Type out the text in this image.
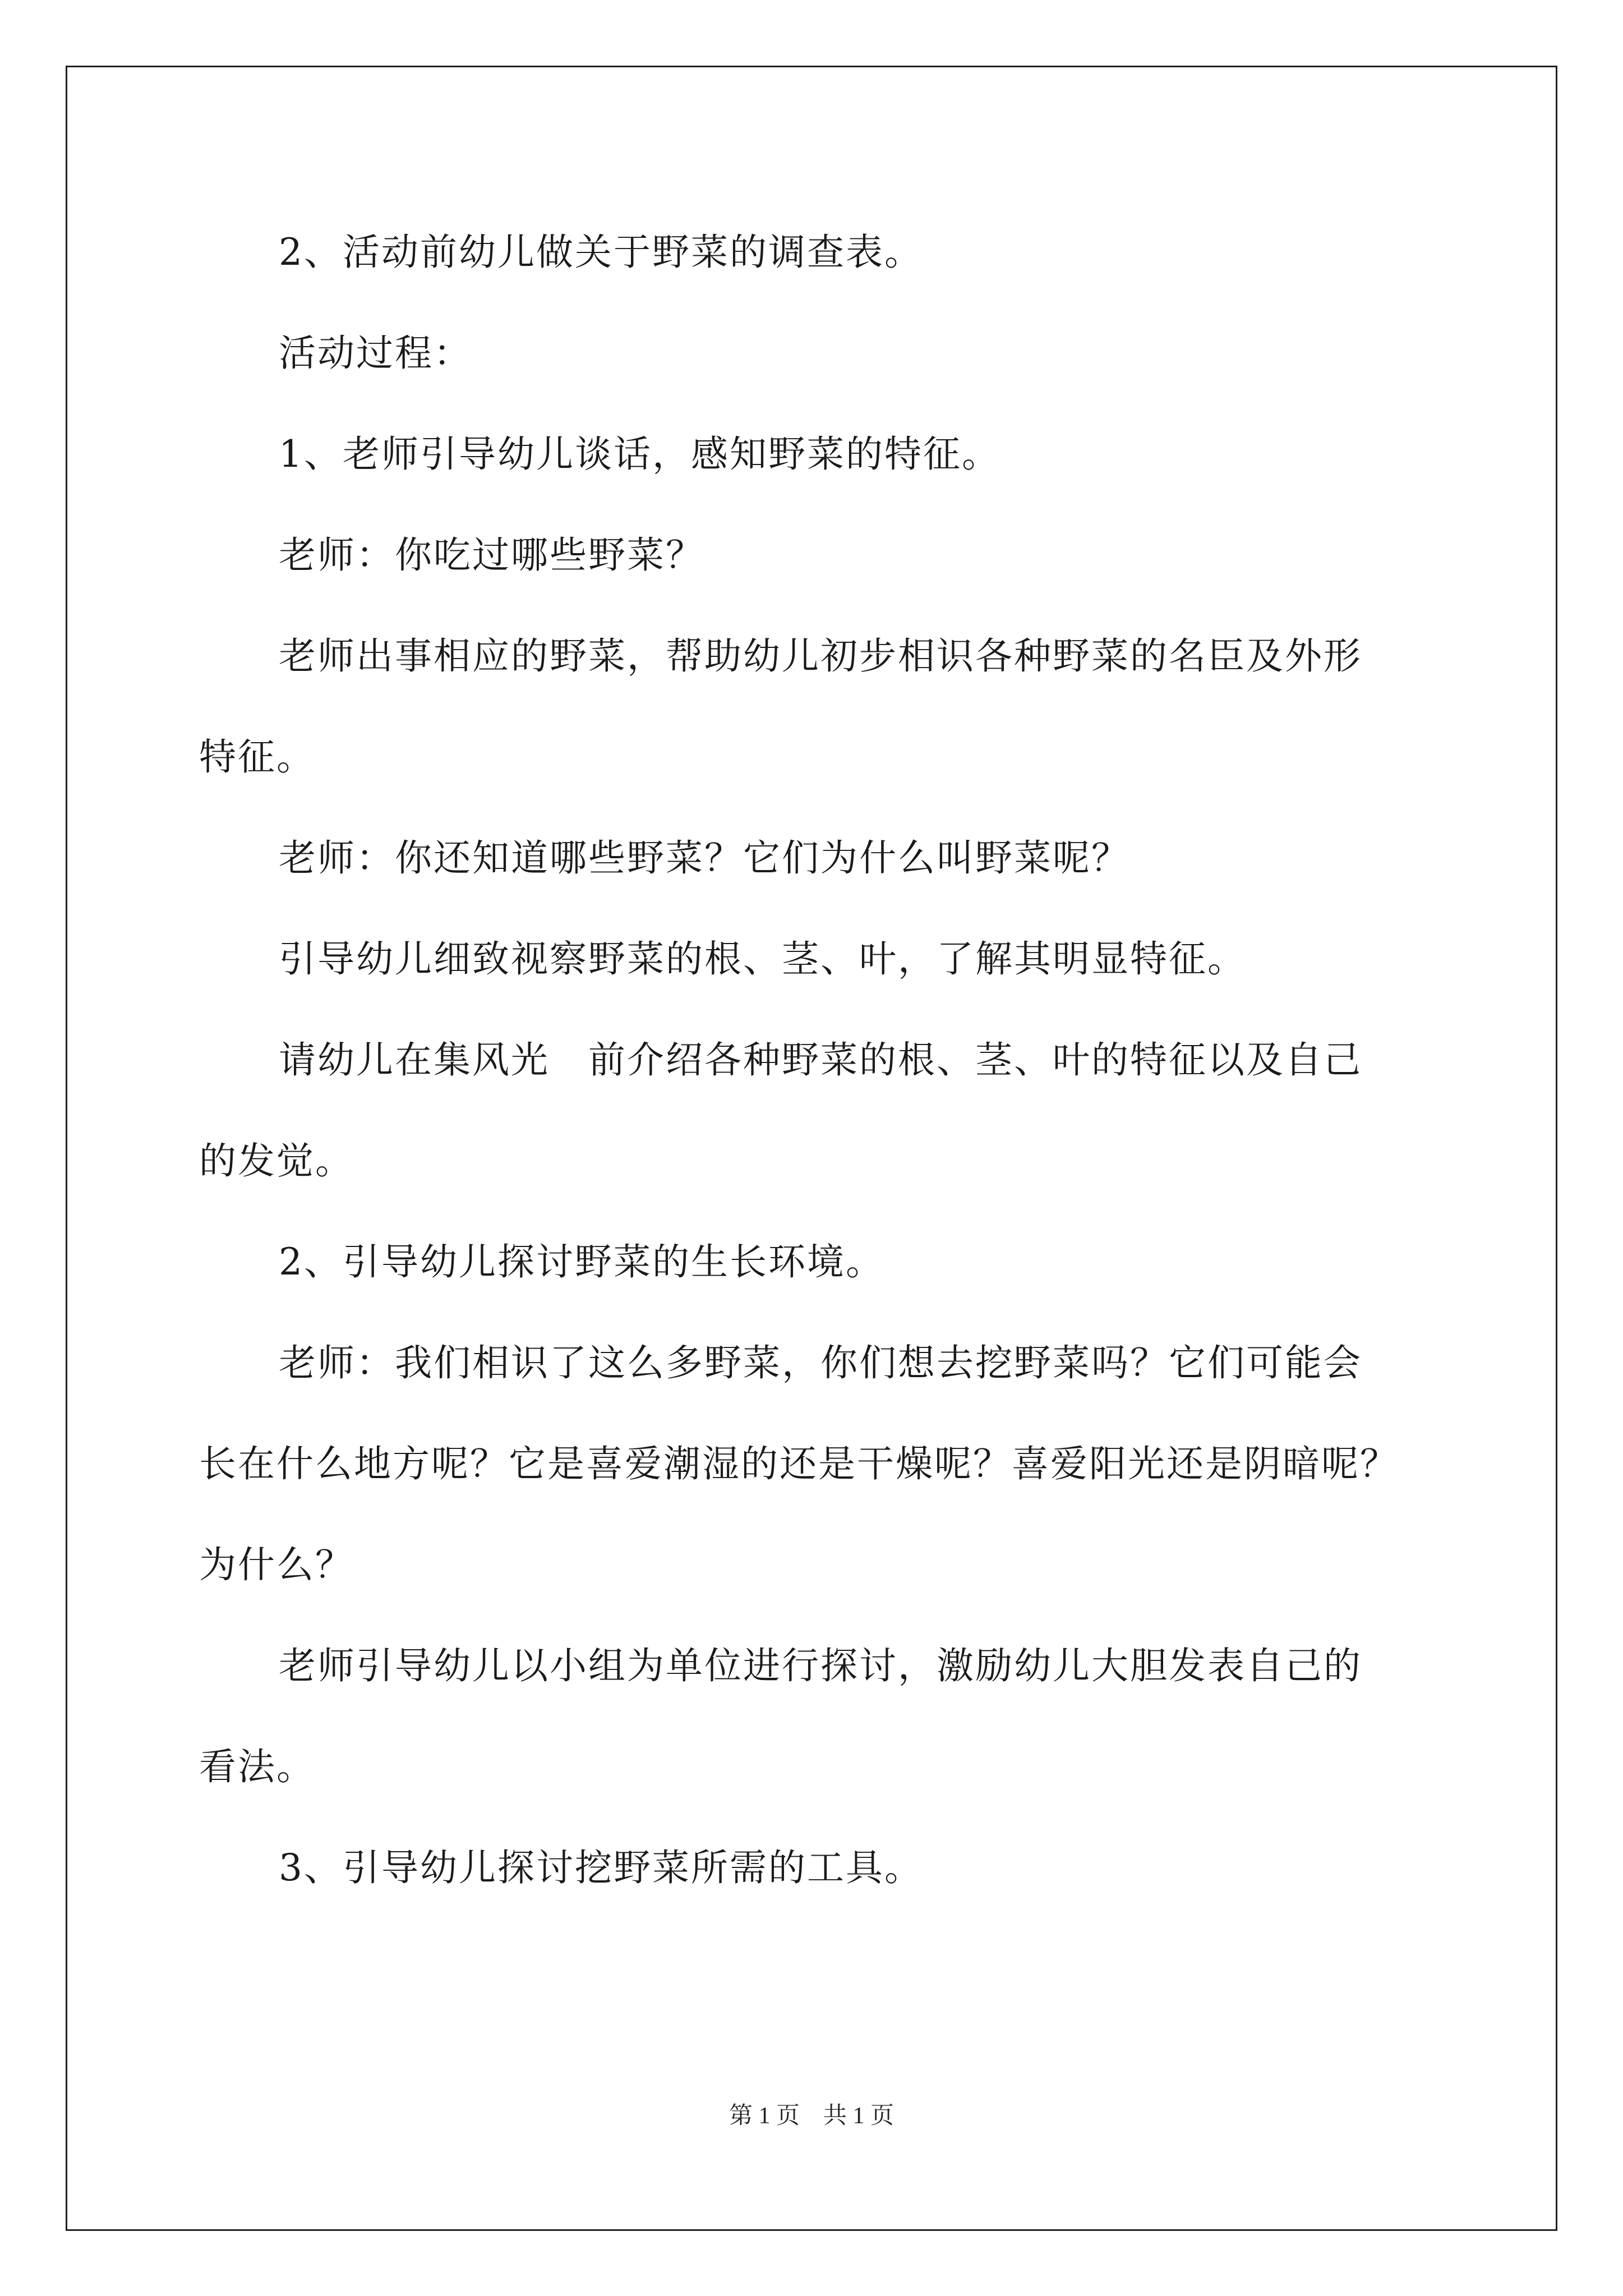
2、活动前幼儿做关于野菜的调查表。
活动过程：
1、老师引导幼儿谈话，感知野菜的特征。
老师：你吃过哪些野菜？
老师出事相应的野菜，帮助幼儿初步相识各种野菜的名臣及外形
特征。
老师：你还知道哪些野菜？它们为什么叫野菜呢？
引导幼儿细致视察野菜的根、茎、叶，了解其明显特征。
请幼儿在集风光　前介绍各种野菜的根、茎、叶的特征以及自己
的发觉。
2、引导幼儿探讨野菜的生长环境。
老师：我们相识了这么多野菜，你们想去挖野菜吗？它们可能会
长在什么地方呢？它是喜爱潮湿的还是干燥呢？喜爱阳光还是阴暗呢？
为什么？
老师引导幼儿以小组为单位进行探讨，激励幼儿大胆发表自己的
看法。
3、引导幼儿探讨挖野菜所需的工具。
第 1 页　共 1 页
